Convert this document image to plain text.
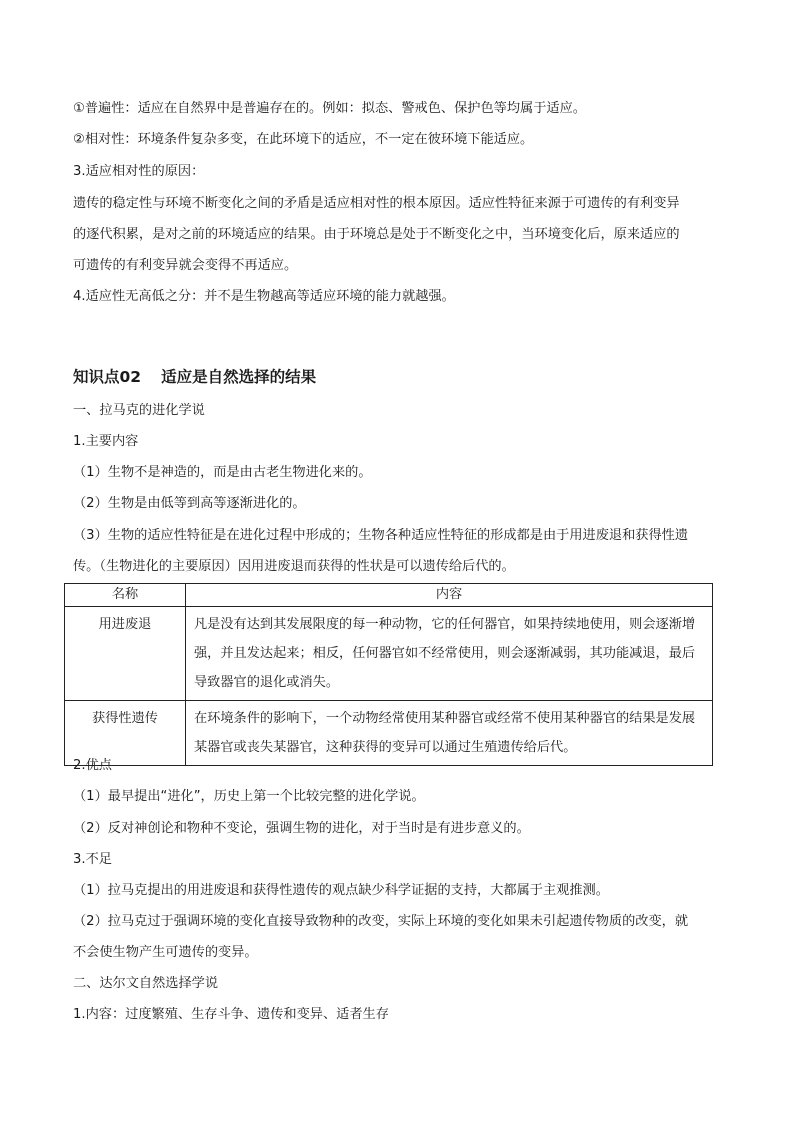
①普遍性：适应在自然界中是普遍存在的。例如：拟态、警戒色、保护色等均属于适应。
②相对性：环境条件复杂多变，在此环境下的适应，不一定在彼环境下能适应。
3.适应相对性的原因：
遗传的稳定性与环境不断变化之间的矛盾是适应相对性的根本原因。适应性特征来源于可遗传的有利变异
的逐代积累，是对之前的环境适应的结果。由于环境总是处于不断变化之中，当环境变化后，原来适应的
可遗传的有利变异就会变得不再适应。
4.适应性无高低之分：并不是生物越高等适应环境的能力就越强。
知识点02 适应是自然选择的结果
一、拉马克的进化学说
1.主要内容
（1）生物不是神造的，而是由古老生物进化来的。
（2）生物是由低等到高等逐渐进化的。
（3）生物的适应性特征是在进化过程中形成的；生物各种适应性特征的形成都是由于用进废退和获得性遗
传。（生物进化的主要原因）因用进废退而获得的性状是可以遗传给后代的。
名称	内容
用进废退	凡是没有达到其发展限度的每一种动物，它的任何器官，如果持续地使用，则会逐渐增强，并且发达起来；相反，任何器官如不经常使用，则会逐渐减弱，其功能减退，最后导致器官的退化或消失。
获得性遗传	在环境条件的影响下，一个动物经常使用某种器官或经常不使用某种器官的结果是发展某器官或丧失某器官，这种获得的变异可以通过生殖遗传给后代。
2.优点
（1）最早提出“进化”，历史上第一个比较完整的进化学说。
（2）反对神创论和物种不变论，强调生物的进化，对于当时是有进步意义的。
3.不足
（1）拉马克提出的用进废退和获得性遗传的观点缺少科学证据的支持，大都属于主观推测。
（2）拉马克过于强调环境的变化直接导致物种的改变，实际上环境的变化如果未引起遗传物质的改变，就
不会使生物产生可遗传的变异。
二、达尔文自然选择学说
1.内容：过度繁殖、生存斗争、遗传和变异、适者生存
